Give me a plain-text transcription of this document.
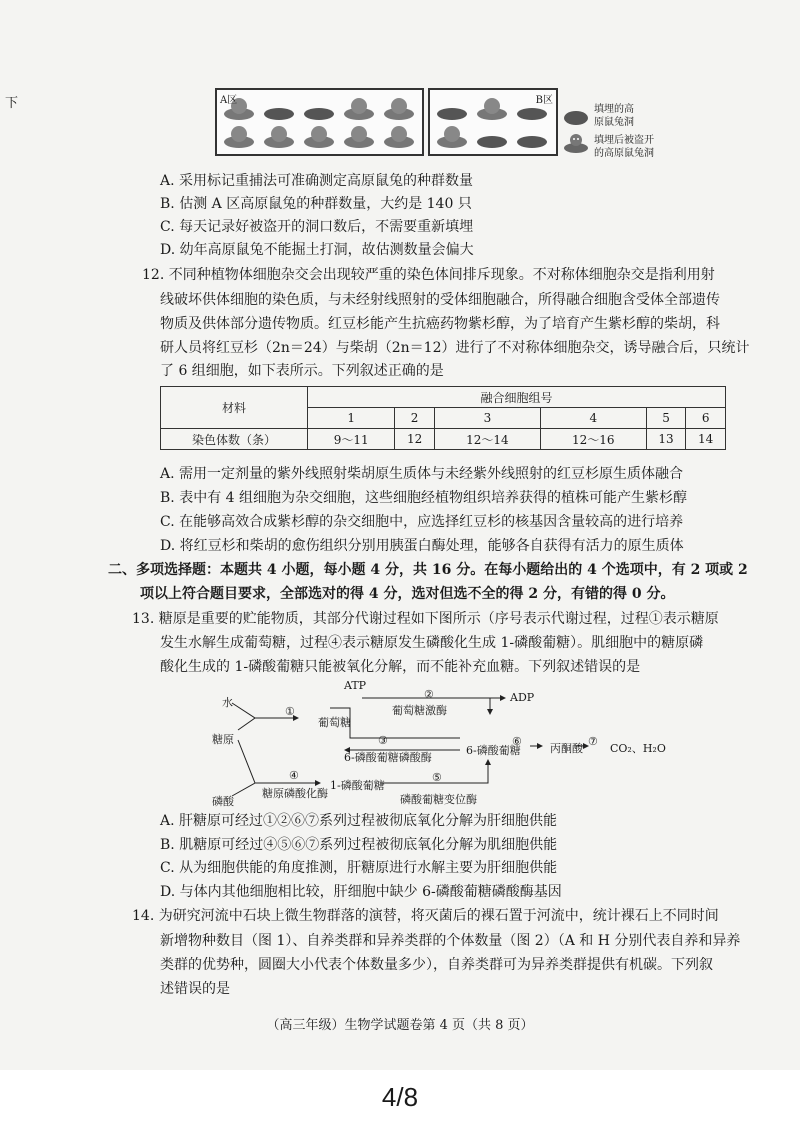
下	A区	B区
填埋的高
原鼠兔洞
填埋后被盗开
的高原鼠兔洞
A. 采用标记重捕法可准确测定高原鼠兔的种群数量
B. 估测 A 区高原鼠兔的种群数量，大约是 140 只
C. 每天记录好被盗开的洞口数后，不需要重新填埋
D. 幼年高原鼠兔不能掘土打洞，故估测数量会偏大
12. 不同种植物体细胞杂交会出现较严重的染色体间排斥现象。不对称体细胞杂交是指利用射
线破坏供体细胞的染色质，与未经射线照射的受体细胞融合，所得融合细胞含受体全部遗传
物质及供体部分遗传物质。红豆杉能产生抗癌药物紫杉醇，为了培育产生紫杉醇的柴胡，科
研人员将红豆杉（2n＝24）与柴胡（2n＝12）进行了不对称体细胞杂交，诱导融合后，只统计
了 6 组细胞，如下表所示。下列叙述正确的是
材料	融合细胞组号					
	1	2	3	4	5	6
染色体数（条）	9～11	12	12～14	12～16	13	14
A. 需用一定剂量的紫外线照射柴胡原生质体与未经紫外线照射的红豆杉原生质体融合
B. 表中有 4 组细胞为杂交细胞，这些细胞经植物组织培养获得的植株可能产生紫杉醇
C. 在能够高效合成紫杉醇的杂交细胞中，应选择红豆杉的核基因含量较高的进行培养
D. 将红豆杉和柴胡的愈伤组织分别用胰蛋白酶处理，能够各自获得有活力的原生质体
二、多项选择题：本题共 4 小题，每小题 4 分，共 16 分。在每小题给出的 4 个选项中，有 2 项或 2
项以上符合题目要求，全部选对的得 4 分，选对但选不全的得 2 分，有错的得 0 分。
13. 糖原是重要的贮能物质，其部分代谢过程如下图所示（序号表示代谢过程，过程①表示糖原
发生水解生成葡萄糖，过程④表示糖原发生磷酸化生成 1-磷酸葡糖）。肌细胞中的糖原磷
酸化生成的 1-磷酸葡糖只能被氧化分解，而不能补充血糖。下列叙述错误的是
水
糖原
磷酸
①
ATP
葡萄糖
②
葡萄糖激酶
ADP
③
6-磷酸葡糖磷酸酶
6-磷酸葡糖
⑥
丙酮酸
⑦
CO₂、H₂O
④
糖原磷酸化酶
1-磷酸葡糖
⑤
磷酸葡糖变位酶
A. 肝糖原可经过①②⑥⑦系列过程被彻底氧化分解为肝细胞供能
B. 肌糖原可经过④⑤⑥⑦系列过程被彻底氧化分解为肌细胞供能
C. 从为细胞供能的角度推测，肝糖原进行水解主要为肝细胞供能
D. 与体内其他细胞相比较，肝细胞中缺少 6-磷酸葡糖磷酸酶基因
14. 为研究河流中石块上微生物群落的演替，将灭菌后的裸石置于河流中，统计裸石上不同时间
新增物种数目（图 1）、自养类群和异养类群的个体数量（图 2）（A 和 H 分别代表自养和异养
类群的优势种，圆圈大小代表个体数量多少），自养类群可为异养类群提供有机碳。下列叙
述错误的是
（高三年级）生物学试题卷第 4 页（共 8 页）
4/8
